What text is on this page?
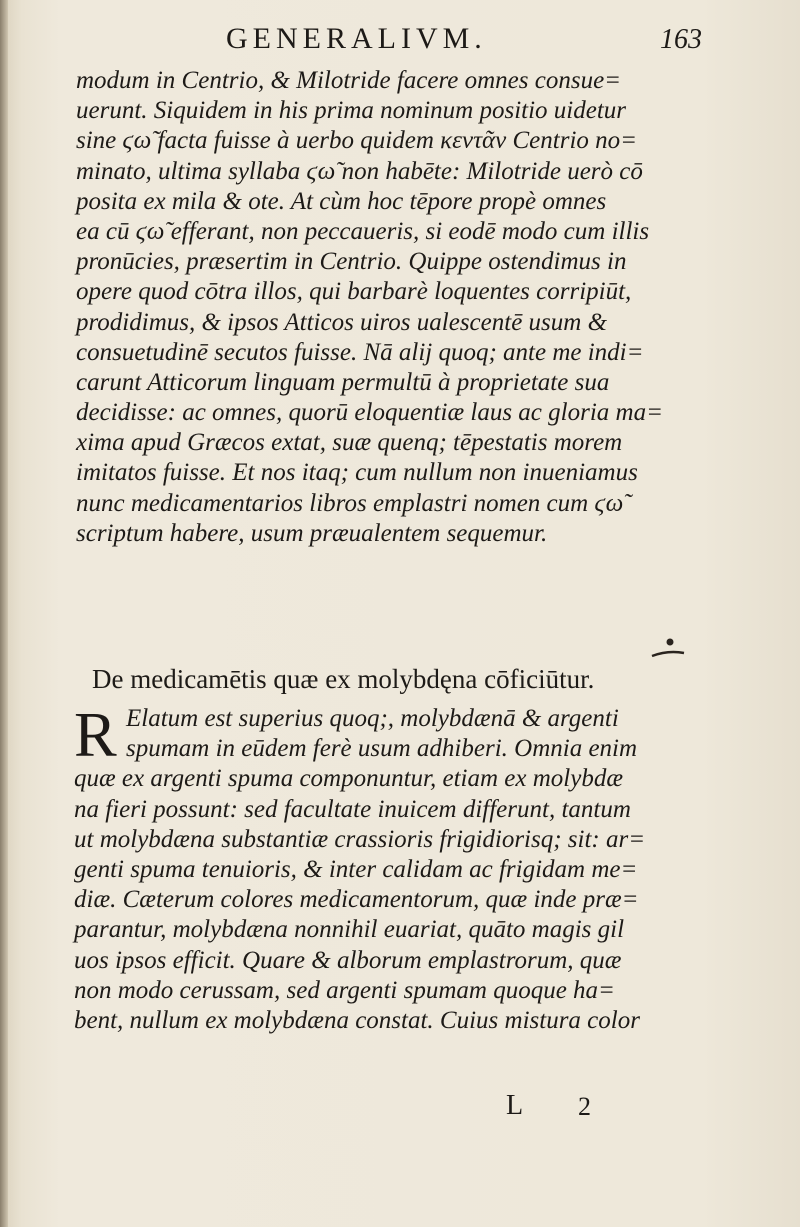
GENERALIVM.	163
modum in Centrio, & Milotride facere omnes consue=
uerunt. Siquidem in his prima nominum positio uidetur
sine ϛω̃ facta fuisse à uerbo quidem κεντᾶν Centrio no=
minato, ultima syllaba ϛω̃ non habēte: Milotride uerò cō
posita ex mila & ote. At cùm hoc tēpore propè omnes
ea cū ϛω̃ efferant, non peccaueris, si eodē modo cum illis
pronūcies, præsertim in Centrio. Quippe ostendimus in
opere quod cōtra illos, qui barbarè loquentes corripiūt,
prodidimus, & ipsos Atticos uiros ualescentē usum &
consuetudinē secutos fuisse. Nā alij quoq; ante me indi=
carunt Atticorum linguam permultū à proprietate sua
decidisse: ac omnes, quorū eloquentiæ laus ac gloria ma=
xima apud Græcos extat, suæ quenq; tēpestatis morem
imitatos fuisse. Et nos itaq; cum nullum non inueniamus
nunc medicamentarios libros emplastri nomen cum ϛω̃
scriptum habere, usum præualentem sequemur.
De medicamētis quæ ex molybdęna cōficiūtur.
R Elatum est superius quoq;, molybdænā & argenti
spumam in eūdem ferè usum adhiberi. Omnia enim
quæ ex argenti spuma componuntur, etiam ex molybdæ
na fieri possunt: sed facultate inuicem differunt, tantum
ut molybdæna substantiæ crassioris frigidiorisq; sit: ar=
genti spuma tenuioris, & inter calidam ac frigidam me=
diæ. Cæterum colores medicamentorum, quæ inde præ=
parantur, molybdæna nonnihil euariat, quāto magis gil
uos ipsos efficit. Quare & alborum emplastrorum, quæ
non modo cerussam, sed argenti spumam quoque ha=
bent, nullum ex molybdæna constat. Cuius mistura color
L 2
